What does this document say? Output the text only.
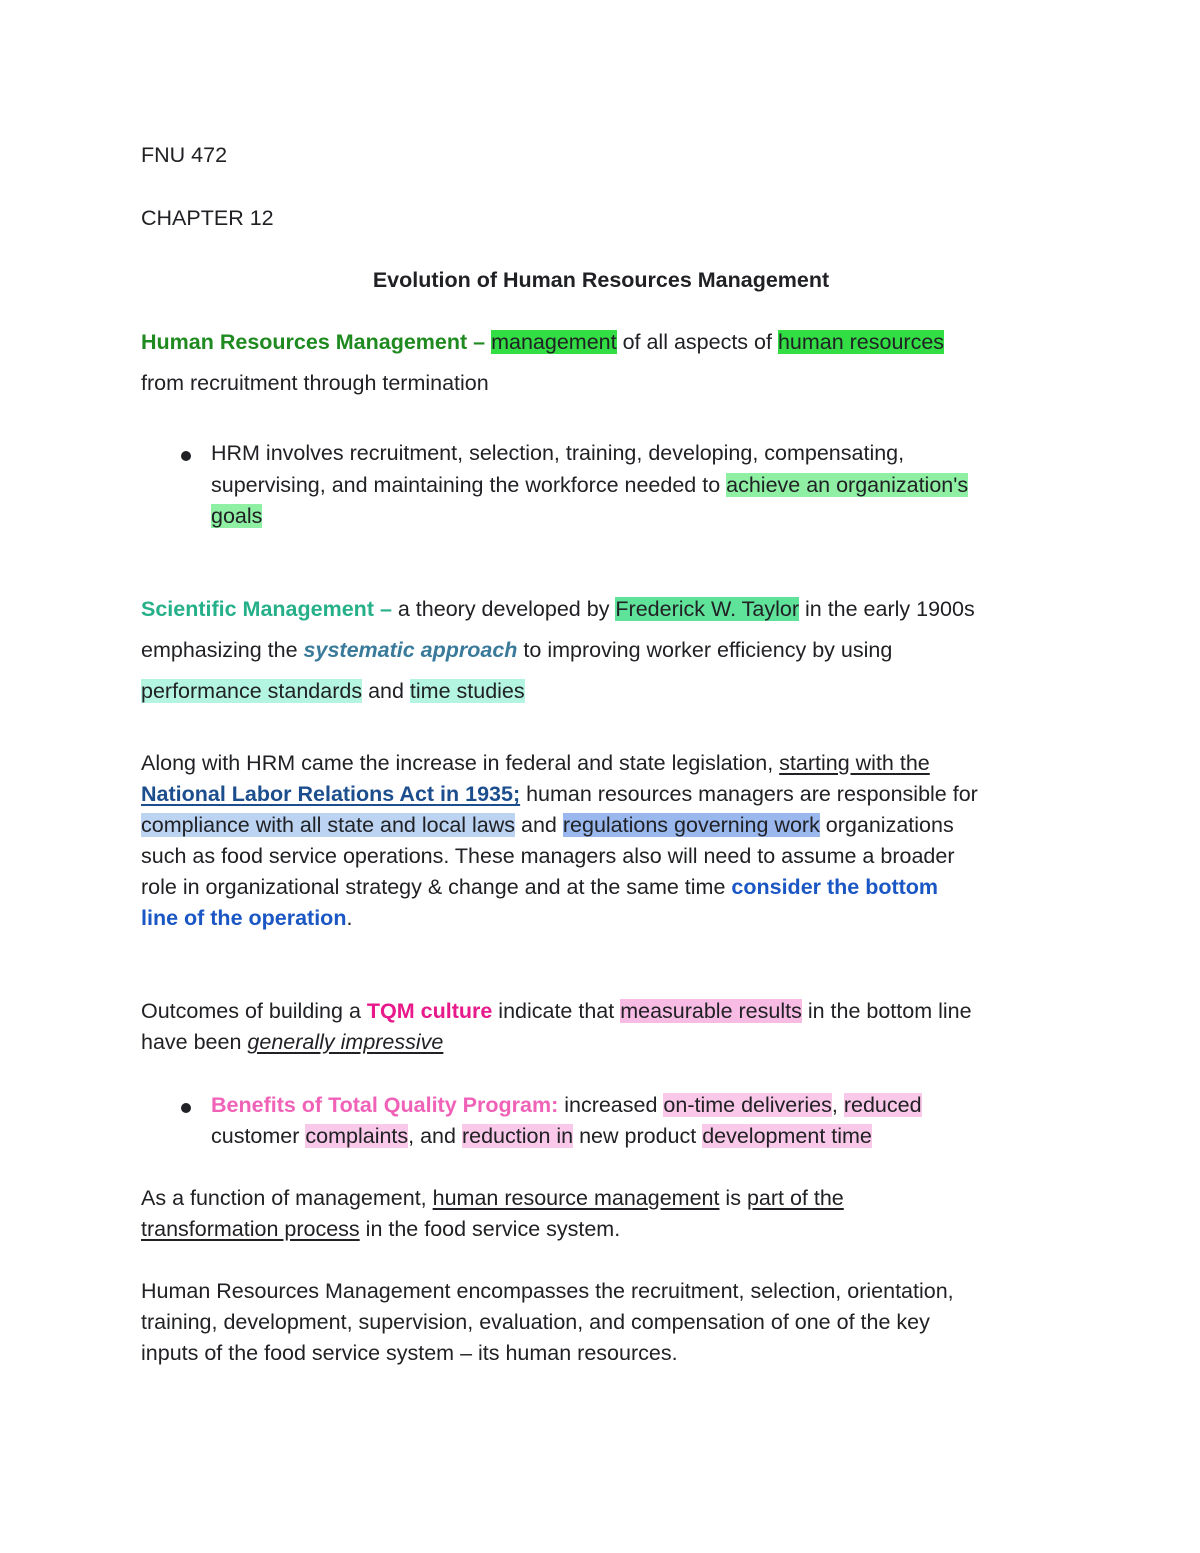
FNU 472
CHAPTER 12
Evolution of Human Resources Management
Human Resources Management – management of all aspects of human resources
from recruitment through termination
HRM involves recruitment, selection, training, developing, compensating,
supervising, and maintaining the workforce needed to achieve an organization's
goals
Scientific Management – a theory developed by Frederick W. Taylor in the early 1900s
emphasizing the systematic approach to improving worker efficiency by using
performance standards and time studies
Along with HRM came the increase in federal and state legislation, starting with the
National Labor Relations Act in 1935; human resources managers are responsible for
compliance with all state and local laws and regulations governing work organizations
such as food service operations. These managers also will need to assume a broader
role in organizational strategy & change and at the same time consider the bottom
line of the operation.
Outcomes of building a TQM culture indicate that measurable results in the bottom line
have been generally impressive
Benefits of Total Quality Program: increased on-time deliveries, reduced
customer complaints, and reduction in new product development time
As a function of management, human resource management is part of the
transformation process in the food service system.
Human Resources Management encompasses the recruitment, selection, orientation,
training, development, supervision, evaluation, and compensation of one of the key
inputs of the food service system – its human resources.
